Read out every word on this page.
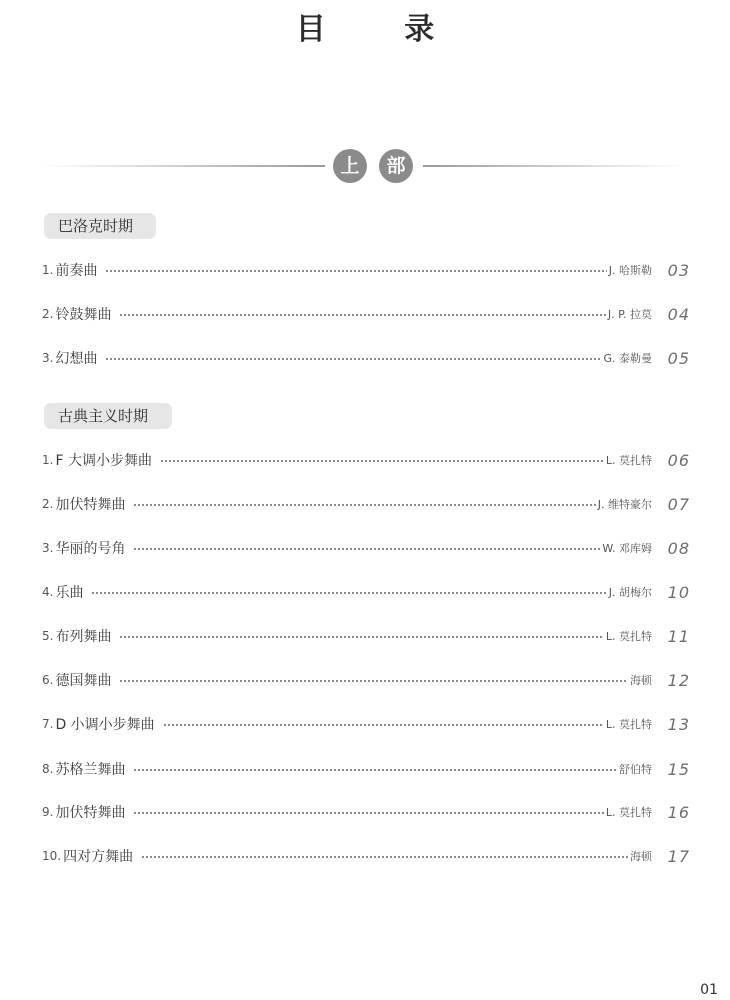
目 录
上	部
巴洛克时期
1. 前奏曲	J. 哈斯勒 03
2. 铃鼓舞曲	J. P. 拉莫 04
3. 幻想曲	G. 泰勒曼 05
古典主义时期
1. F 大调小步舞曲	L. 莫扎特 06
2. 加伏特舞曲	J. 维特豪尔 07
3. 华丽的号角	W. 邓库姆 08
4. 乐曲	J. 胡梅尔 10
5. 布列舞曲	L. 莫扎特 11
6. 德国舞曲	海顿 12
7. D 小调小步舞曲	L. 莫扎特 13
8. 苏格兰舞曲	舒伯特 15
9. 加伏特舞曲	L. 莫扎特 16
10. 四对方舞曲	海顿 17
01
